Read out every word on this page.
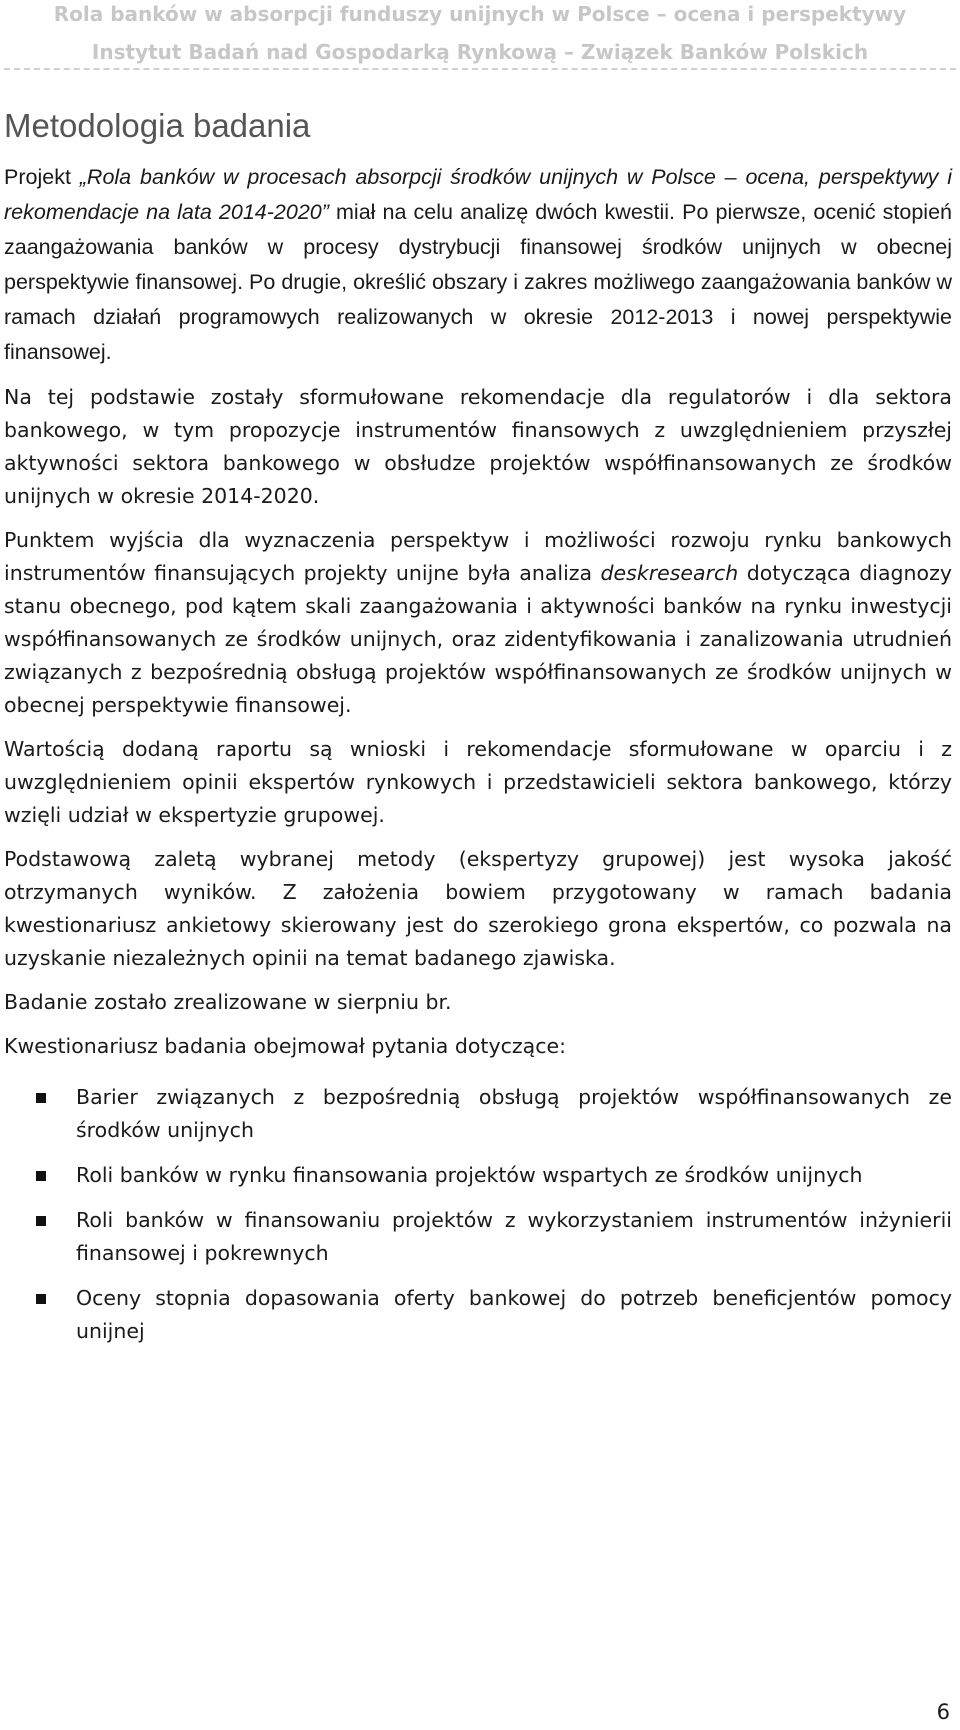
Rola banków w absorpcji funduszy unijnych w Polsce – ocena i perspektywy
Instytut Badań nad Gospodarką Rynkową – Związek Banków Polskich
Metodologia badania

Projekt „Rola banków w procesach absorpcji środków unijnych w Polsce – ocena, perspektywy i rekomendacje na lata 2014-2020” miał na celu analizę dwóch kwestii. Po pierwsze, ocenić stopień zaangażowania banków w procesy dystrybucji finansowej środków unijnych w obecnej perspektywie finansowej. Po drugie, określić obszary i zakres możliwego zaangażowania banków w ramach działań programowych realizowanych w okresie 2012-2013 i nowej perspektywie finansowej.

Na tej podstawie zostały sformułowane rekomendacje dla regulatorów i dla sektora bankowego, w tym propozycje instrumentów finansowych z uwzględnieniem przyszłej aktywności sektora bankowego w obsłudze projektów współfinansowanych ze środków unijnych w okresie 2014-2020.

Punktem wyjścia dla wyznaczenia perspektyw i możliwości rozwoju rynku bankowych instrumentów finansujących projekty unijne była analiza deskresearch dotycząca diagnozy stanu obecnego, pod kątem skali zaangażowania i aktywności banków na rynku inwestycji współfinansowanych ze środków unijnych, oraz zidentyfikowania i zanalizowania utrudnień związanych z bezpośrednią obsługą projektów współfinansowanych ze środków unijnych w obecnej perspektywie finansowej.

Wartością dodaną raportu są wnioski i rekomendacje sformułowane w oparciu i z uwzględnieniem opinii ekspertów rynkowych i przedstawicieli sektora bankowego, którzy wzięli udział w ekspertyzie grupowej.

Podstawową zaletą wybranej metody (ekspertyzy grupowej) jest wysoka jakość otrzymanych wyników. Z założenia bowiem przygotowany w ramach badania kwestionariusz ankietowy skierowany jest do szerokiego grona ekspertów, co pozwala na uzyskanie niezależnych opinii na temat badanego zjawiska.

Badanie zostało zrealizowane w sierpniu br.

Kwestionariusz badania obejmował pytania dotyczące:

Barier związanych z bezpośrednią obsługą projektów współfinansowanych ze środków unijnych
Roli banków w rynku finansowania projektów wspartych ze środków unijnych
Roli banków w finansowaniu projektów z wykorzystaniem instrumentów inżynierii finansowej i pokrewnych
Oceny stopnia dopasowania oferty bankowej do potrzeb beneficjentów pomocy unijnej
6
